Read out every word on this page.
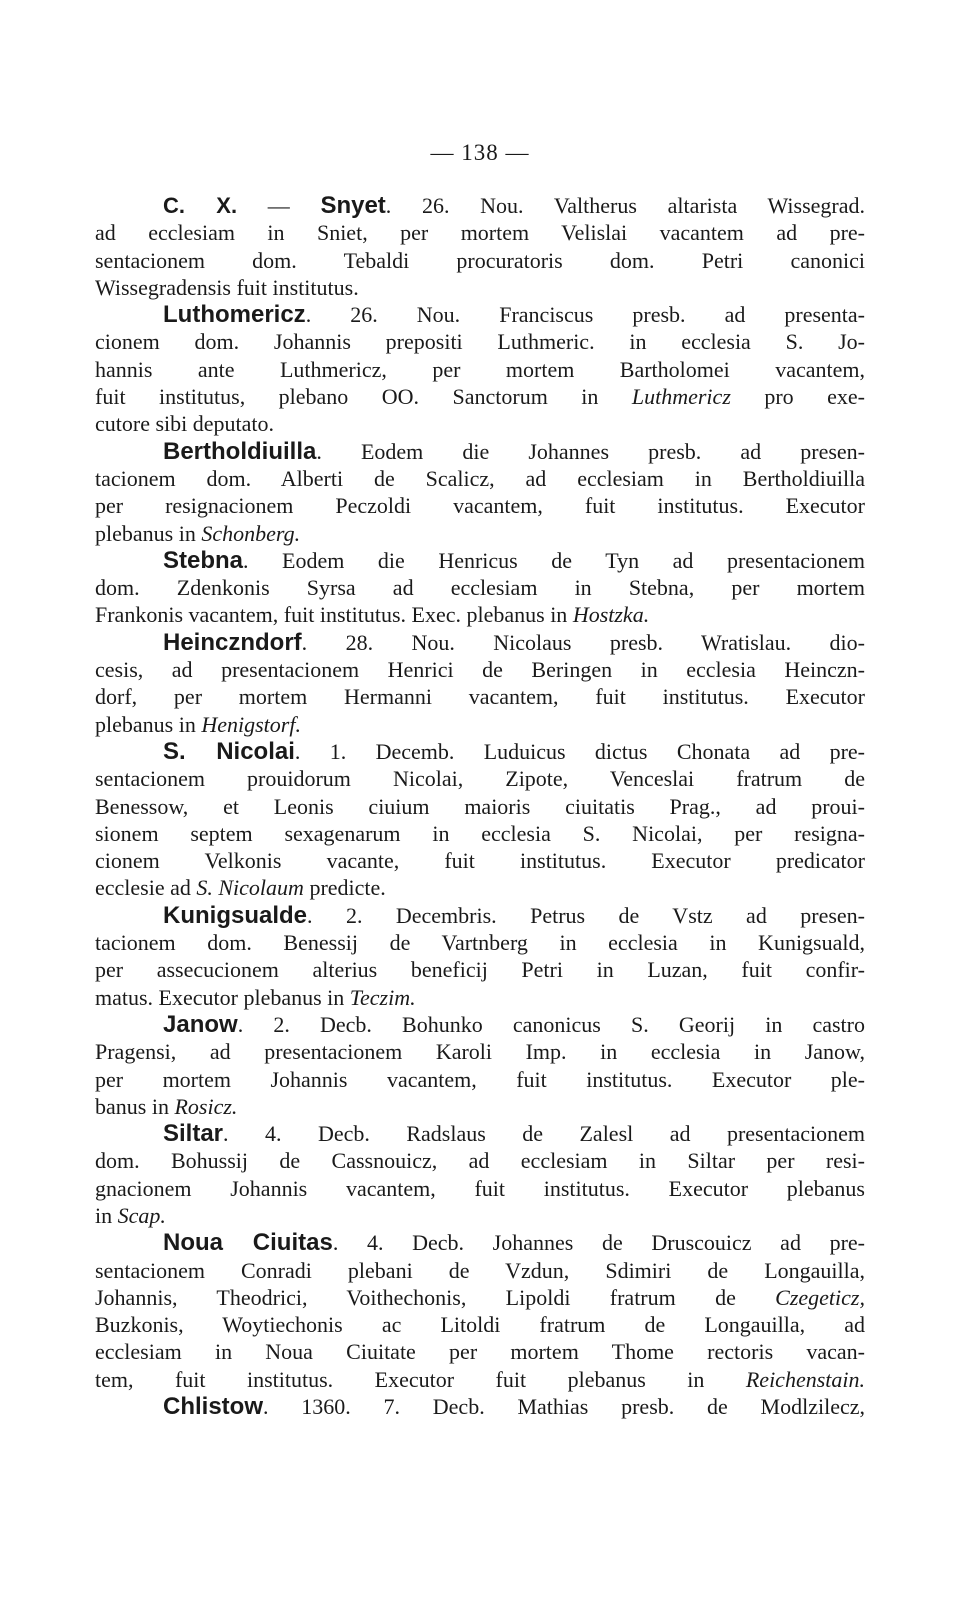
— 138 —
C. X. — Snyet. 26. Nou. Valtherus altarista Wissegrad.
ad ecclesiam in Sniet, per mortem Velislai vacantem ad pre-
sentacionem dom. Tebaldi procuratoris dom. Petri canonici
Wissegradensis fuit institutus.
Luthomericz. 26. Nou. Franciscus presb. ad presenta-
cionem dom. Johannis prepositi Luthmeric. in ecclesia S. Jo-
hannis ante Luthmericz, per mortem Bartholomei vacantem,
fuit institutus, plebano OO. Sanctorum in Luthmericz pro exe-
cutore sibi deputato.
Bertholdiuilla. Eodem die Johannes presb. ad presen-
tacionem dom. Alberti de Scalicz, ad ecclesiam in Bertholdiuilla
per resignacionem Peczoldi vacantem, fuit institutus. Executor
plebanus in Schonberg.
Stebna. Eodem die Henricus de Tyn ad presentacionem
dom. Zdenkonis Syrsa ad ecclesiam in Stebna, per mortem
Frankonis vacantem, fuit institutus. Exec. plebanus in Hostzka.
Heinczndorf. 28. Nou. Nicolaus presb. Wratislau. dio-
cesis, ad presentacionem Henrici de Beringen in ecclesia Heinczn-
dorf, per mortem Hermanni vacantem, fuit institutus. Executor
plebanus in Henigstorf.
S. Nicolai. 1. Decemb. Luduicus dictus Chonata ad pre-
sentacionem prouidorum Nicolai, Zipote, Venceslai fratrum de
Benessow, et Leonis ciuium maioris ciuitatis Prag., ad proui-
sionem septem sexagenarum in ecclesia S. Nicolai, per resigna-
cionem Velkonis vacante, fuit institutus. Executor predicator
ecclesie ad S. Nicolaum predicte.
Kunigsualde. 2. Decembris. Petrus de Vstz ad presen-
tacionem dom. Benessij de Vartnberg in ecclesia in Kunigsuald,
per assecucionem alterius beneficij Petri in Luzan, fuit confir-
matus. Executor plebanus in Teczim.
Janow. 2. Decb. Bohunko canonicus S. Georij in castro
Pragensi, ad presentacionem Karoli Imp. in ecclesia in Janow,
per mortem Johannis vacantem, fuit institutus. Executor ple-
banus in Rosicz.
Siltar. 4. Decb. Radslaus de Zalesl ad presentacionem
dom. Bohussij de Cassnouicz, ad ecclesiam in Siltar per resi-
gnacionem Johannis vacantem, fuit institutus. Executor plebanus
in Scap.
Noua Ciuitas. 4. Decb. Johannes de Druscouicz ad pre-
sentacionem Conradi plebani de Vzdun, Sdimiri de Longauilla,
Johannis, Theodrici, Voithechonis, Lipoldi fratrum de Czegeticz,
Buzkonis, Woytiechonis ac Litoldi fratrum de Longauilla, ad
ecclesiam in Noua Ciuitate per mortem Thome rectoris vacan-
tem, fuit institutus. Executor fuit plebanus in Reichenstain.
Chlistow. 1360. 7. Decb. Mathias presb. de Modlzilecz,
